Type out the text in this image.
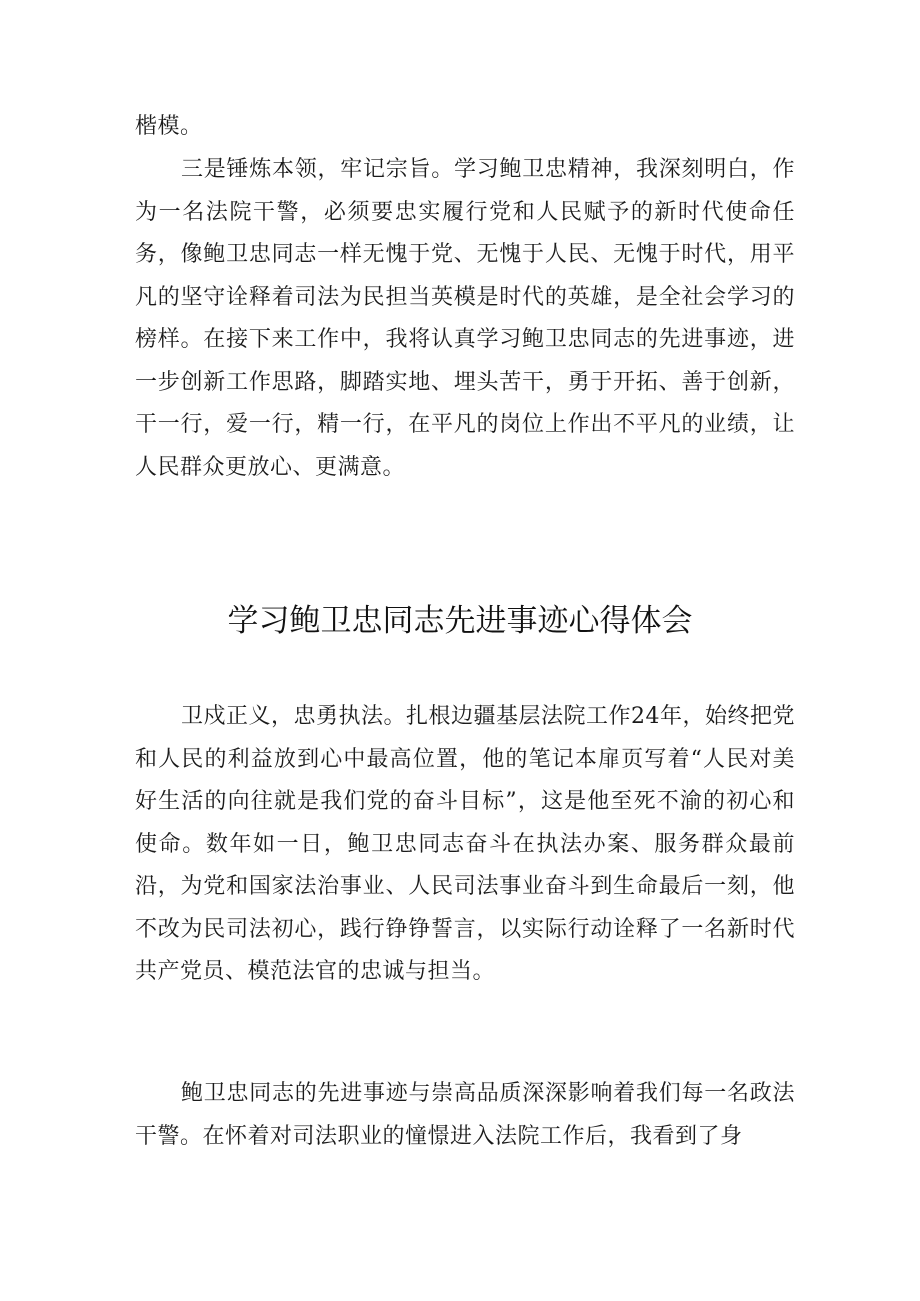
楷模。

三是锤炼本领，牢记宗旨。学习鲍卫忠精神，我深刻明白，作为一名法院干警，必须要忠实履行党和人民赋予的新时代使命任务，像鲍卫忠同志一样无愧于党、无愧于人民、无愧于时代，用平凡的坚守诠释着司法为民担当英模是时代的英雄，是全社会学习的榜样。在接下来工作中，我将认真学习鲍卫忠同志的先进事迹，进一步创新工作思路，脚踏实地、埋头苦干，勇于开拓、善于创新，干一行，爱一行，精一行，在平凡的岗位上作出不平凡的业绩，让人民群众更放心、更满意。

学习鲍卫忠同志先进事迹心得体会

卫戍正义，忠勇执法。扎根边疆基层法院工作24年，始终把党和人民的利益放到心中最高位置，他的笔记本扉页写着“人民对美好生活的向往就是我们党的奋斗目标”，这是他至死不渝的初心和使命。数年如一日，鲍卫忠同志奋斗在执法办案、服务群众最前沿，为党和国家法治事业、人民司法事业奋斗到生命最后一刻，他不改为民司法初心，践行铮铮誓言，以实际行动诠释了一名新时代共产党员、模范法官的忠诚与担当。

鲍卫忠同志的先进事迹与崇高品质深深影响着我们每一名政法干警。在怀着对司法职业的憧憬进入法院工作后，我看到了身
